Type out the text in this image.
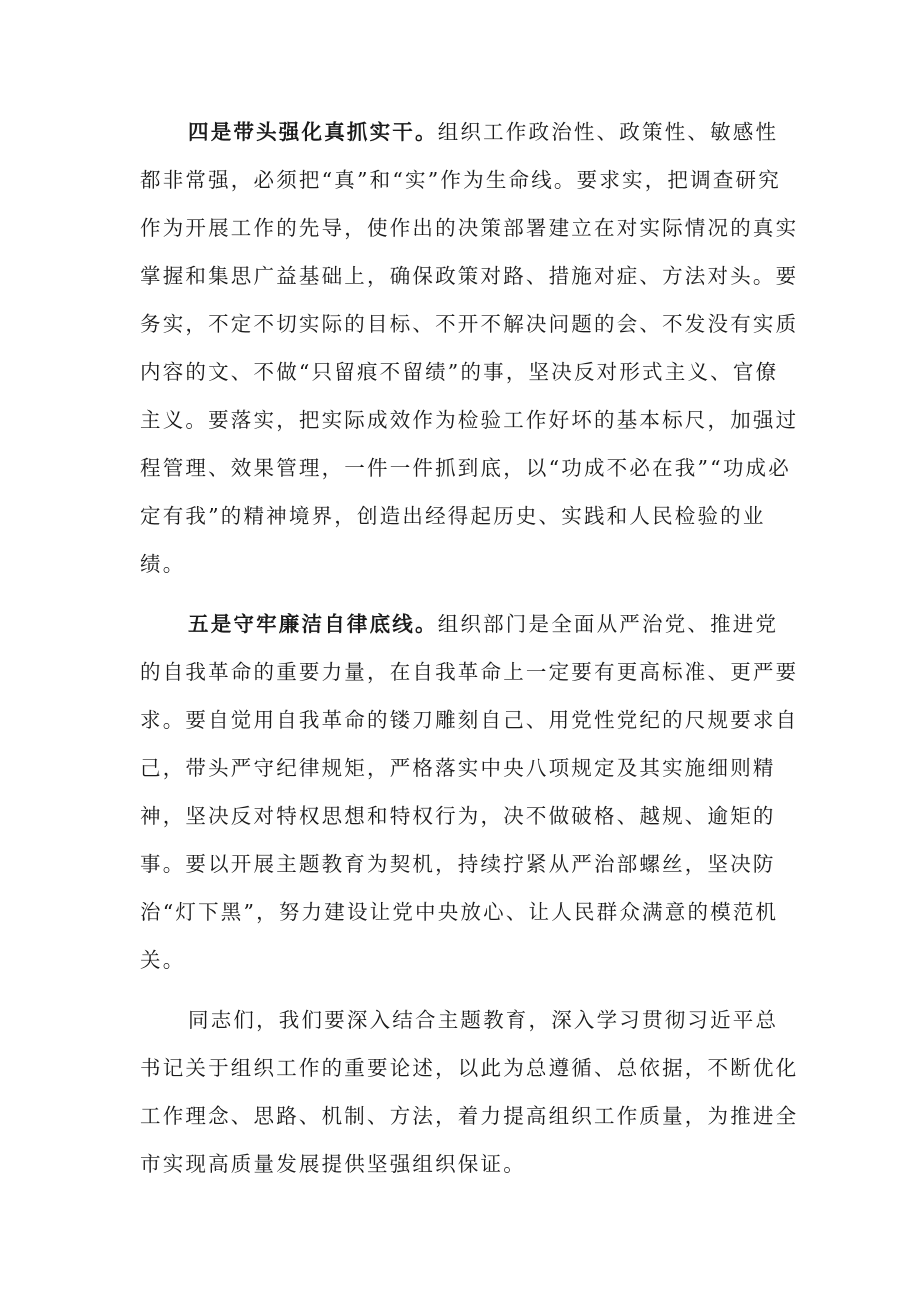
四是带头强化真抓实干。组织工作政治性、政策性、敏感性都非常强，必须把“真”和“实”作为生命线。要求实，把调查研究作为开展工作的先导，使作出的决策部署建立在对实际情况的真实掌握和集思广益基础上，确保政策对路、措施对症、方法对头。要务实，不定不切实际的目标、不开不解决问题的会、不发没有实质内容的文、不做“只留痕不留绩”的事，坚决反对形式主义、官僚主义。要落实，把实际成效作为检验工作好坏的基本标尺，加强过程管理、效果管理，一件一件抓到底，以“功成不必在我”“功成必定有我”的精神境界，创造出经得起历史、实践和人民检验的业绩。

五是守牢廉洁自律底线。组织部门是全面从严治党、推进党的自我革命的重要力量，在自我革命上一定要有更高标准、更严要求。要自觉用自我革命的镂刀雕刻自己、用党性党纪的尺规要求自己，带头严守纪律规矩，严格落实中央八项规定及其实施细则精神，坚决反对特权思想和特权行为，决不做破格、越规、逾矩的事。要以开展主题教育为契机，持续拧紧从严治部螺丝，坚决防治“灯下黑”，努力建设让党中央放心、让人民群众满意的模范机关。

同志们，我们要深入结合主题教育，深入学习贯彻习近平总书记关于组织工作的重要论述，以此为总遵循、总依据，不断优化工作理念、思路、机制、方法，着力提高组织工作质量，为推进全市实现高质量发展提供坚强组织保证。
